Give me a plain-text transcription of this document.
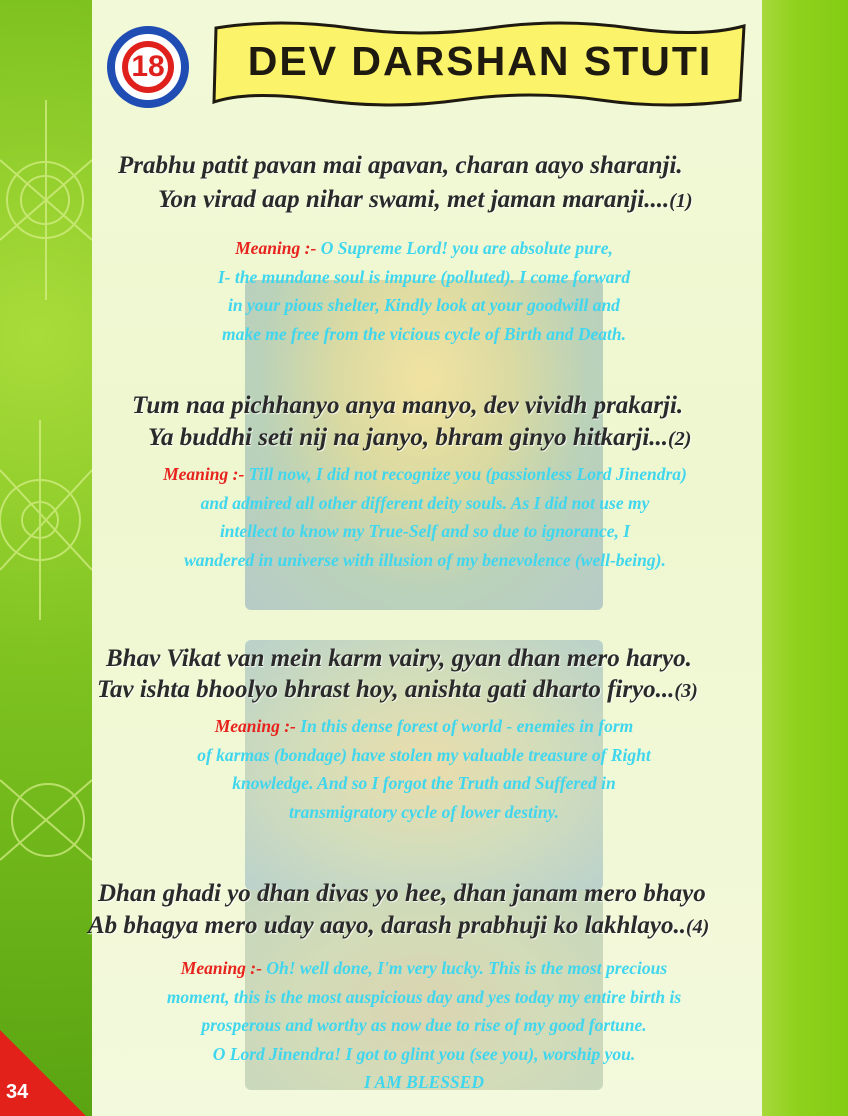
18	DEV DARSHAN STUTI
Prabhu patit pavan mai apavan, charan aayo sharanji.
Yon virad aap nihar swami, met jaman maranji....(1)
Meaning :- O Supreme Lord! you are absolute pure,
I- the mundane soul is impure (polluted). I come forward
in your pious shelter, Kindly look at your goodwill and
make me free from the vicious cycle of Birth and Death.
Tum naa pichhanyo anya manyo, dev vividh prakarji.
Ya buddhi seti nij na janyo, bhram ginyo hitkarji...(2)
Meaning :- Till now, I did not recognize you (passionless Lord Jinendra)
and admired all other different deity souls. As I did not use my
intellect to know my True-Self and so due to ignorance, I
wandered in universe with illusion of my benevolence (well-being).
Bhav Vikat van mein karm vairy, gyan dhan mero haryo.
Tav ishta bhoolyo bhrast hoy, anishta gati dharto firyo...(3)
Meaning :- In this dense forest of world - enemies in form
of karmas (bondage) have stolen my valuable treasure of Right
knowledge. And so I forgot the Truth and Suffered in
transmigratory cycle of lower destiny.
Dhan ghadi yo dhan divas yo hee, dhan janam mero bhayo
Ab bhagya mero uday aayo, darash prabhuji ko lakhlayo..(4)
Meaning :- Oh! well done, I'm very lucky. This is the most precious
moment, this is the most auspicious day and yes today my entire birth is
prosperous and worthy as now due to rise of my good fortune.
O Lord Jinendra! I got to glint you (see you), worship you.
I AM BLESSED
34
